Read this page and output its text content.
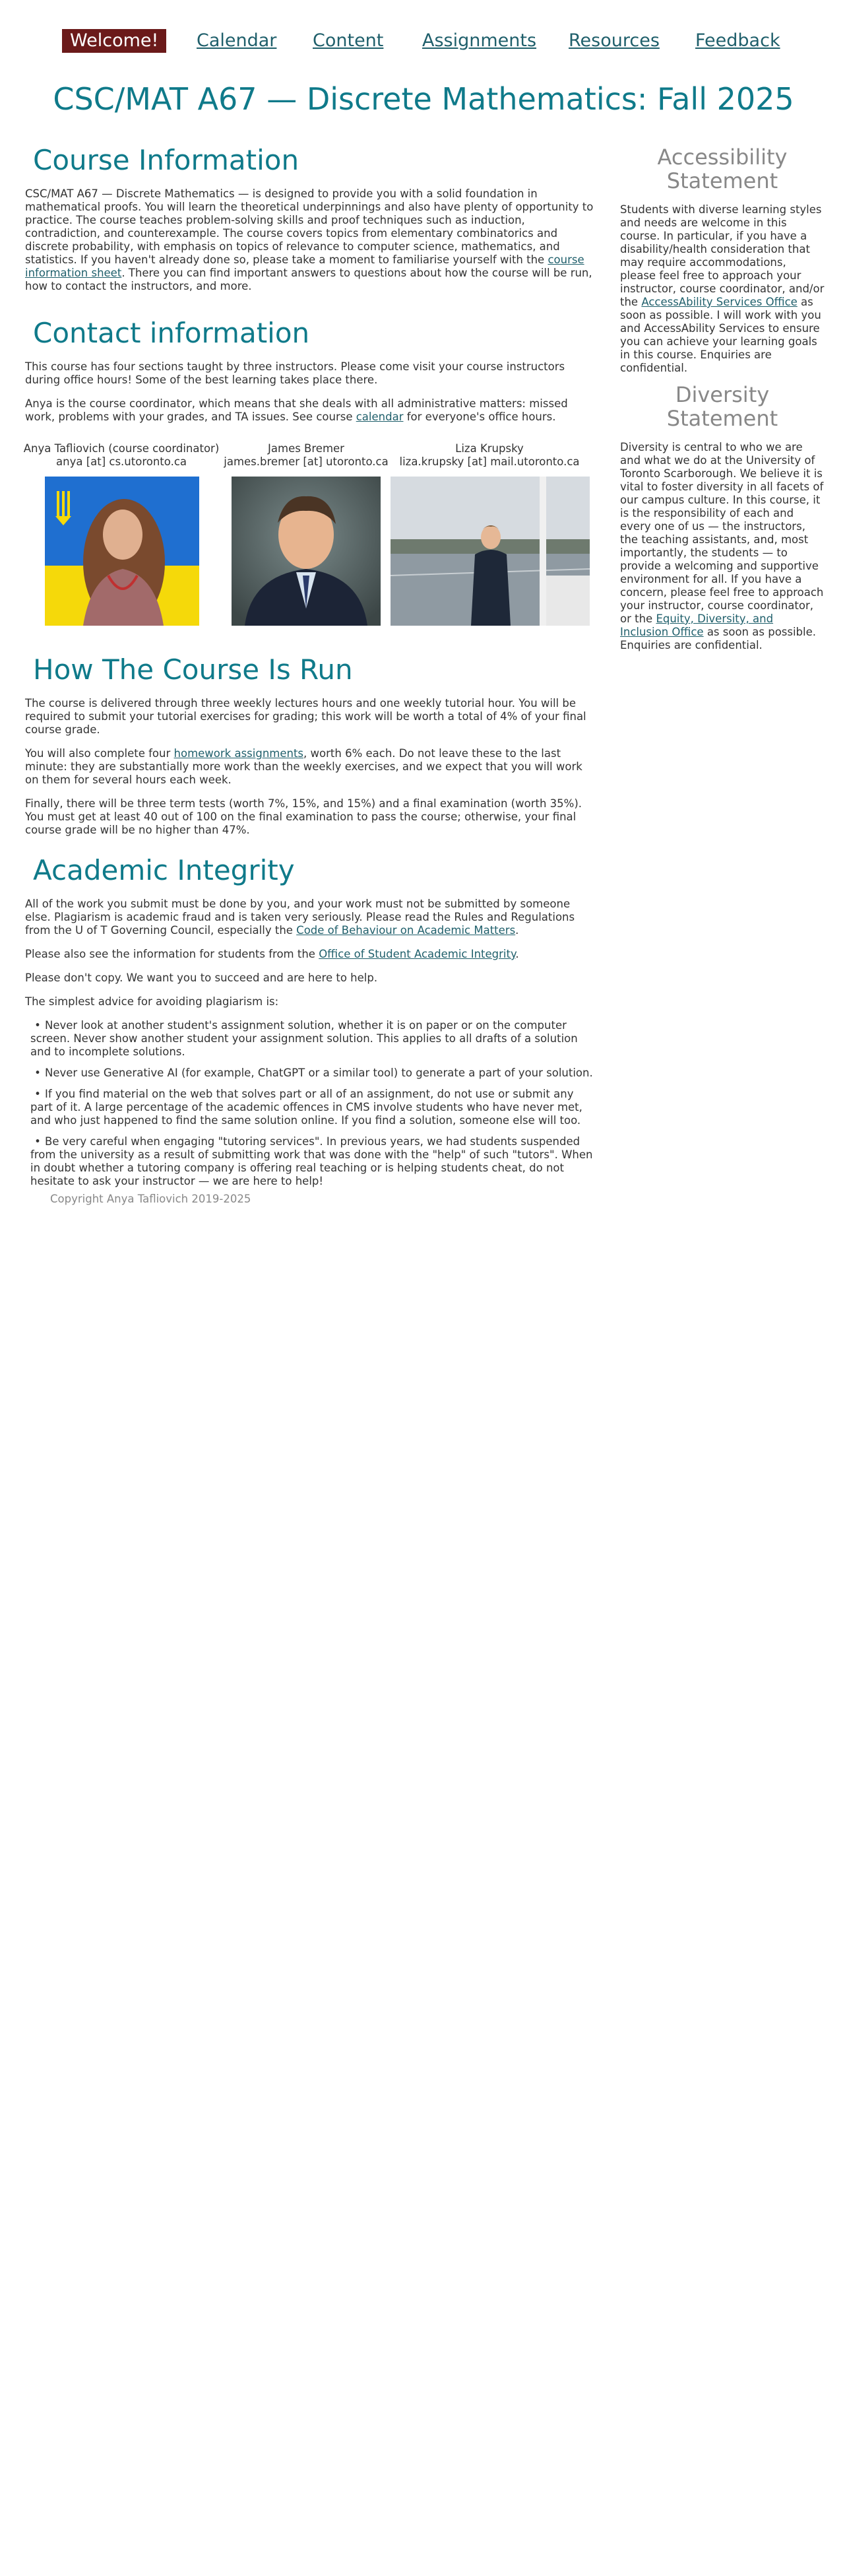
Welcome!	Calendar Content Assignments Resources Feedback
CSC/MAT A67 — Discrete Mathematics: Fall 2025
Course Information

CSC/MAT A67 — Discrete Mathematics — is designed to provide you with a solid foundation in mathematical proofs. You will learn the theoretical underpinnings and also have plenty of opportunity to practice. The course teaches problem-solving skills and proof techniques such as induction, contradiction, and counterexample. The course covers topics from elementary combinatorics and discrete probability, with emphasis on topics of relevance to computer science, mathematics, and statistics. If you haven't already done so, please take a moment to familiarise yourself with the course information sheet. There you can find important answers to questions about how the course will be run, how to contact the instructors, and more.

Contact information

This course has four sections taught by three instructors. Please come visit your course instructors during office hours! Some of the best learning takes place there.

Anya is the course coordinator, which means that she deals with all administrative matters: missed work, problems with your grades, and TA issues. See course calendar for everyone's office hours.

Anya Tafliovich (course coordinator)
anya [at] cs.utoronto.ca
James Bremer
james.bremer [at] utoronto.ca
Liza Krupsky
liza.krupsky [at] mail.utoronto.ca
How The Course Is Run

The course is delivered through three weekly lectures hours and one weekly tutorial hour. You will be required to submit your tutorial exercises for grading; this work will be worth a total of 4% of your final course grade.

You will also complete four homework assignments, worth 6% each. Do not leave these to the last minute: they are substantially more work than the weekly exercises, and we expect that you will work on them for several hours each week.

Finally, there will be three term tests (worth 7%, 15%, and 15%) and a final examination (worth 35%). You must get at least 40 out of 100 on the final examination to pass the course; otherwise, your final course grade will be no higher than 47%.

Academic Integrity

All of the work you submit must be done by you, and your work must not be submitted by someone else. Plagiarism is academic fraud and is taken very seriously. Please read the Rules and Regulations from the U of T Governing Council, especially the Code of Behaviour on Academic Matters.

Please also see the information for students from the Office of Student Academic Integrity.

Please don't copy. We want you to succeed and are here to help.

The simplest advice for avoiding plagiarism is:

• Never look at another student's assignment solution, whether it is on paper or on the computer screen. Never show another student your assignment solution. This applies to all drafts of a solution and to incomplete solutions.
• Never use Generative AI (for example, ChatGPT or a similar tool) to generate a part of your solution.
• If you find material on the web that solves part or all of an assignment, do not use or submit any part of it. A large percentage of the academic offences in CMS involve students who have never met, and who just happened to find the same solution online. If you find a solution, someone else will too.
• Be very careful when engaging "tutoring services". In previous years, we had students suspended from the university as a result of submitting work that was done with the "help" of such "tutors". When in doubt whether a tutoring company is offering real teaching or is helping students cheat, do not hesitate to ask your instructor — we are here to help!
Copyright Anya Tafliovich 2019-2025
Accessibility Statement

Students with diverse learning styles and needs are welcome in this course. In particular, if you have a disability/health consideration that may require accommodations, please feel free to approach your instructor, course coordinator, and/or the AccessAbility Services Office as soon as possible. I will work with you and AccessAbility Services to ensure you can achieve your learning goals in this course. Enquiries are confidential.

Diversity Statement

Diversity is central to who we are and what we do at the University of Toronto Scarborough. We believe it is vital to foster diversity in all facets of our campus culture. In this course, it is the responsibility of each and every one of us — the instructors, the teaching assistants, and, most importantly, the students — to provide a welcoming and supportive environment for all. If you have a concern, please feel free to approach your instructor, course coordinator, or the Equity, Diversity, and Inclusion Office as soon as possible. Enquiries are confidential.
